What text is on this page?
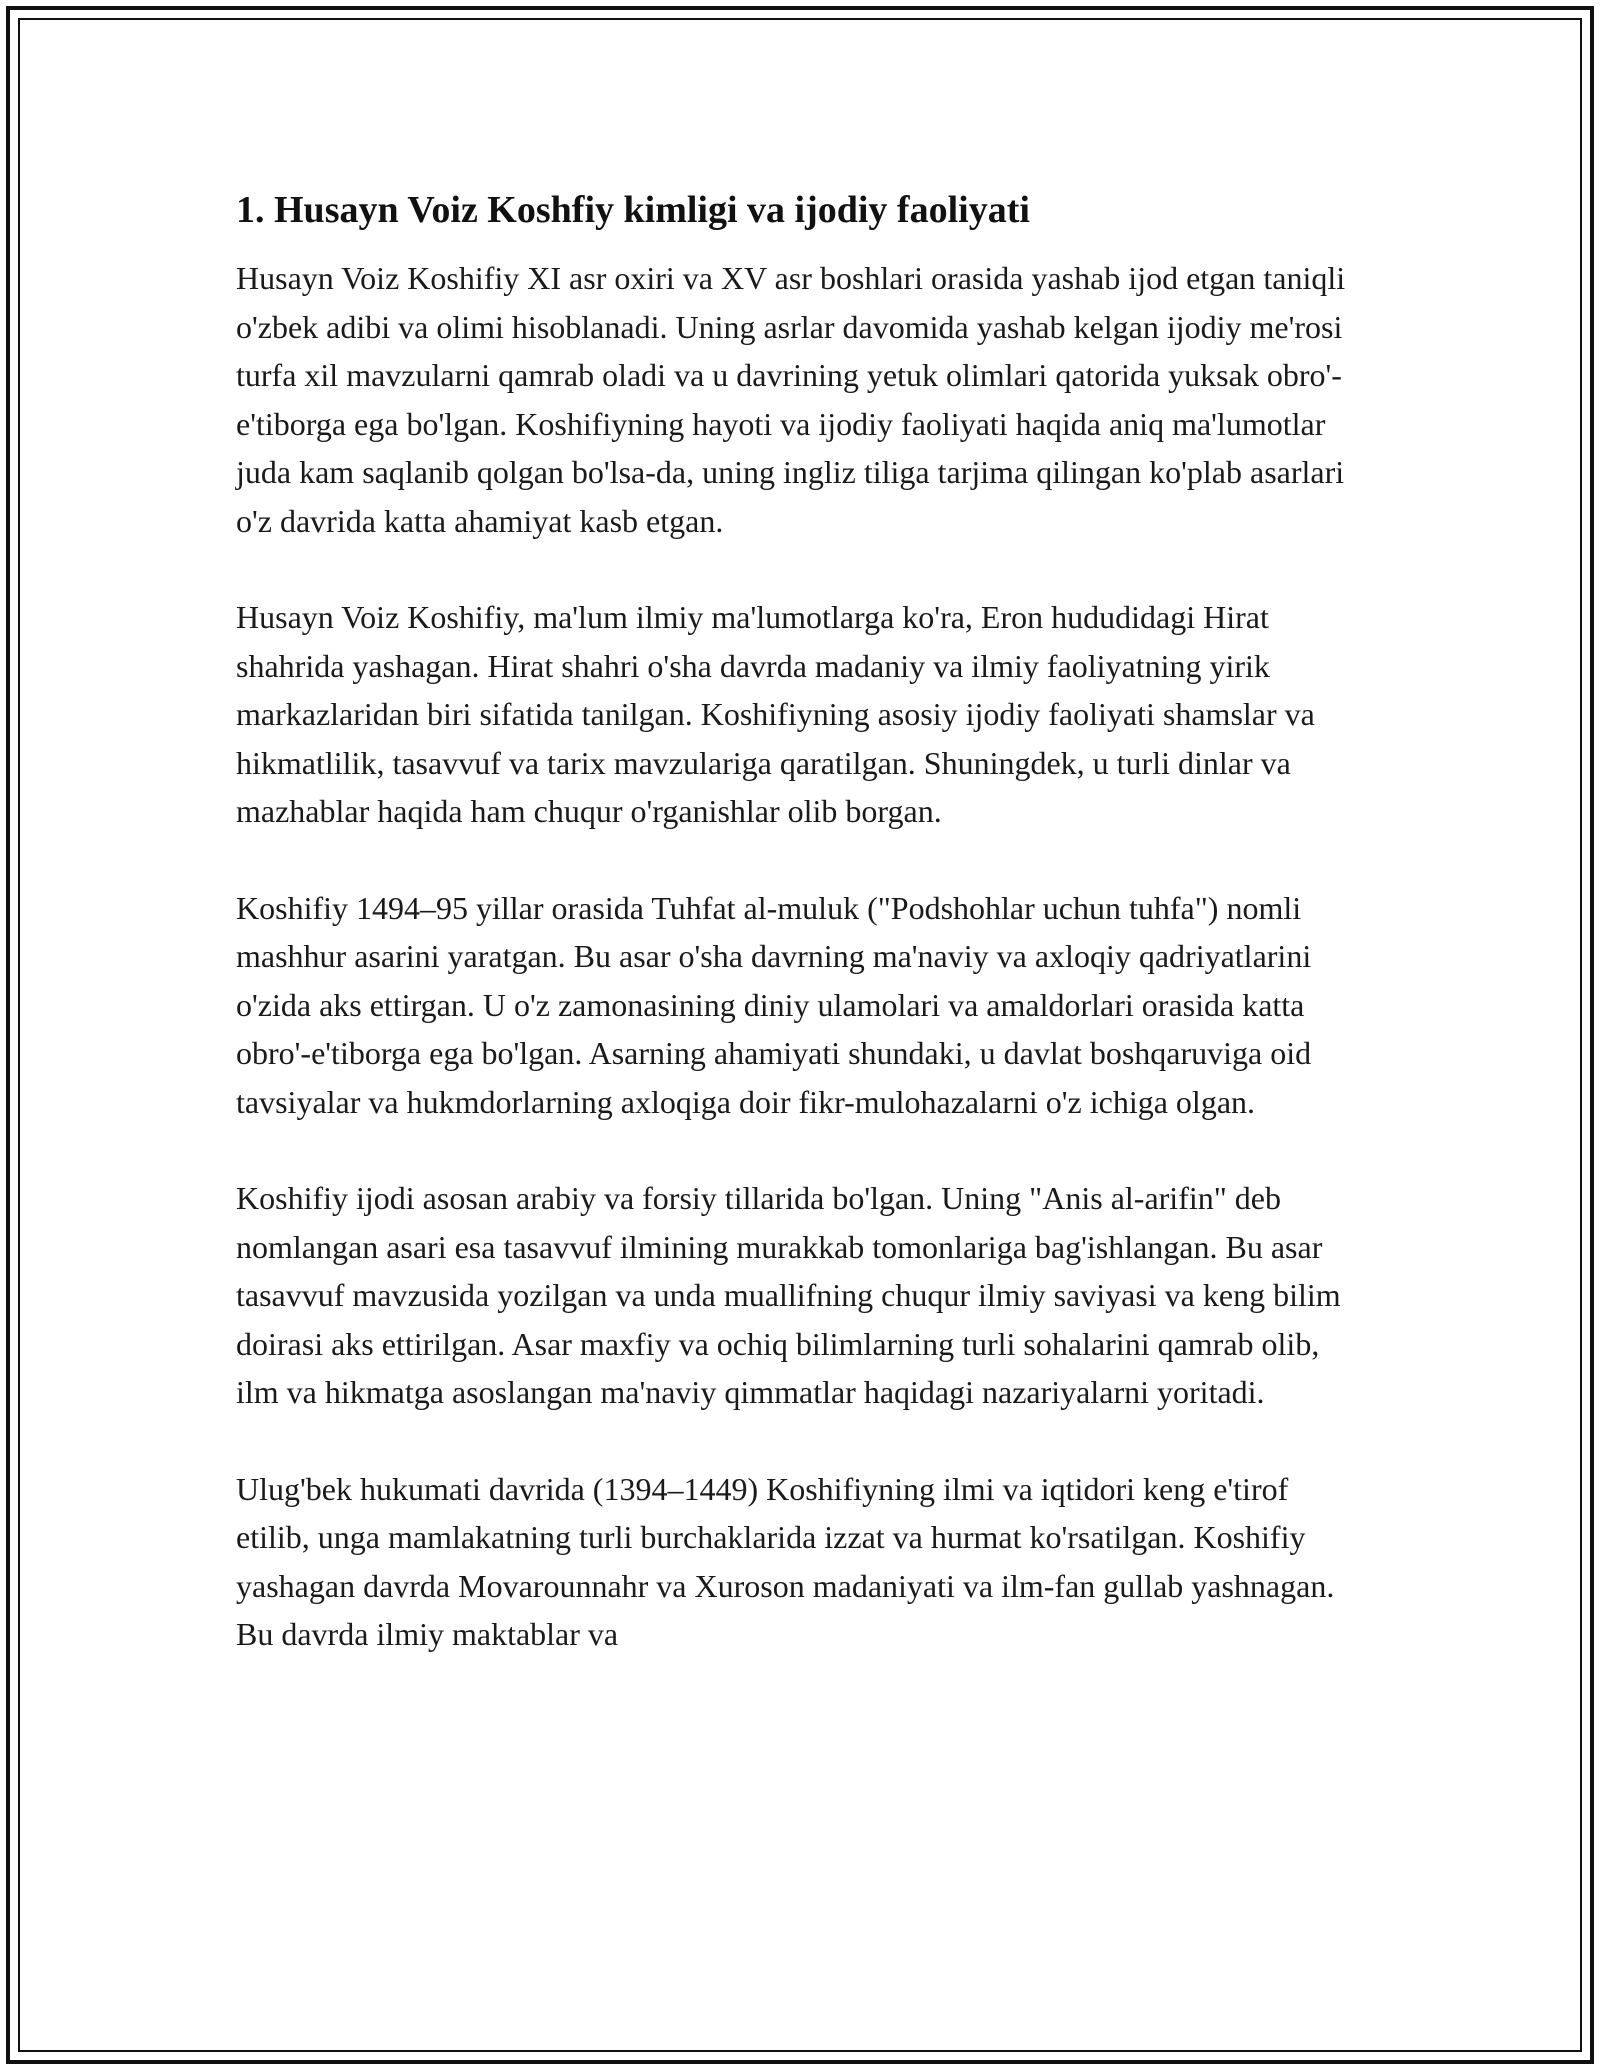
1. Husayn Voiz Koshfiy kimligi va ijodiy faoliyati

Husayn Voiz Koshifiy XI asr oxiri va XV asr boshlari orasida yashab ijod etgan taniqli o'zbek adibi va olimi hisoblanadi. Uning asrlar davomida yashab kelgan ijodiy me'rosi turfa xil mavzularni qamrab oladi va u davrining yetuk olimlari qatorida yuksak obro'-e'tiborga ega bo'lgan. Koshifiyning hayoti va ijodiy faoliyati haqida aniq ma'lumotlar juda kam saqlanib qolgan bo'lsa-da, uning ingliz tiliga tarjima qilingan ko'plab asarlari o'z davrida katta ahamiyat kasb etgan.

Husayn Voiz Koshifiy, ma'lum ilmiy ma'lumotlarga ko'ra, Eron hududidagi Hirat shahrida yashagan. Hirat shahri o'sha davrda madaniy va ilmiy faoliyatning yirik markazlaridan biri sifatida tanilgan. Koshifiyning asosiy ijodiy faoliyati shamslar va hikmatlilik, tasavvuf va tarix mavzulariga qaratilgan. Shuningdek, u turli dinlar va mazhablar haqida ham chuqur o'rganishlar olib borgan.

Koshifiy 1494–95 yillar orasida Tuhfat al-muluk ("Podshohlar uchun tuhfa") nomli mashhur asarini yaratgan. Bu asar o'sha davrning ma'naviy va axloqiy qadriyatlarini o'zida aks ettirgan. U o'z zamonasining diniy ulamolari va amaldorlari orasida katta obro'-e'tiborga ega bo'lgan. Asarning ahamiyati shundaki, u davlat boshqaruviga oid tavsiyalar va hukmdorlarning axloqiga doir fikr-mulohazalarni o'z ichiga olgan.

Koshifiy ijodi asosan arabiy va forsiy tillarida bo'lgan. Uning "Anis al-arifin" deb nomlangan asari esa tasavvuf ilmining murakkab tomonlariga bag'ishlangan. Bu asar tasavvuf mavzusida yozilgan va unda muallifning chuqur ilmiy saviyasi va keng bilim doirasi aks ettirilgan. Asar maxfiy va ochiq bilimlarning turli sohalarini qamrab olib, ilm va hikmatga asoslangan ma'naviy qimmatlar haqidagi nazariyalarni yoritadi.

Ulug'bek hukumati davrida (1394–1449) Koshifiyning ilmi va iqtidori keng e'tirof etilib, unga mamlakatning turli burchaklarida izzat va hurmat ko'rsatilgan. Koshifiy yashagan davrda Movarounnahr va Xuroson madaniyati va ilm-fan gullab yashnagan. Bu davrda ilmiy maktablar va
